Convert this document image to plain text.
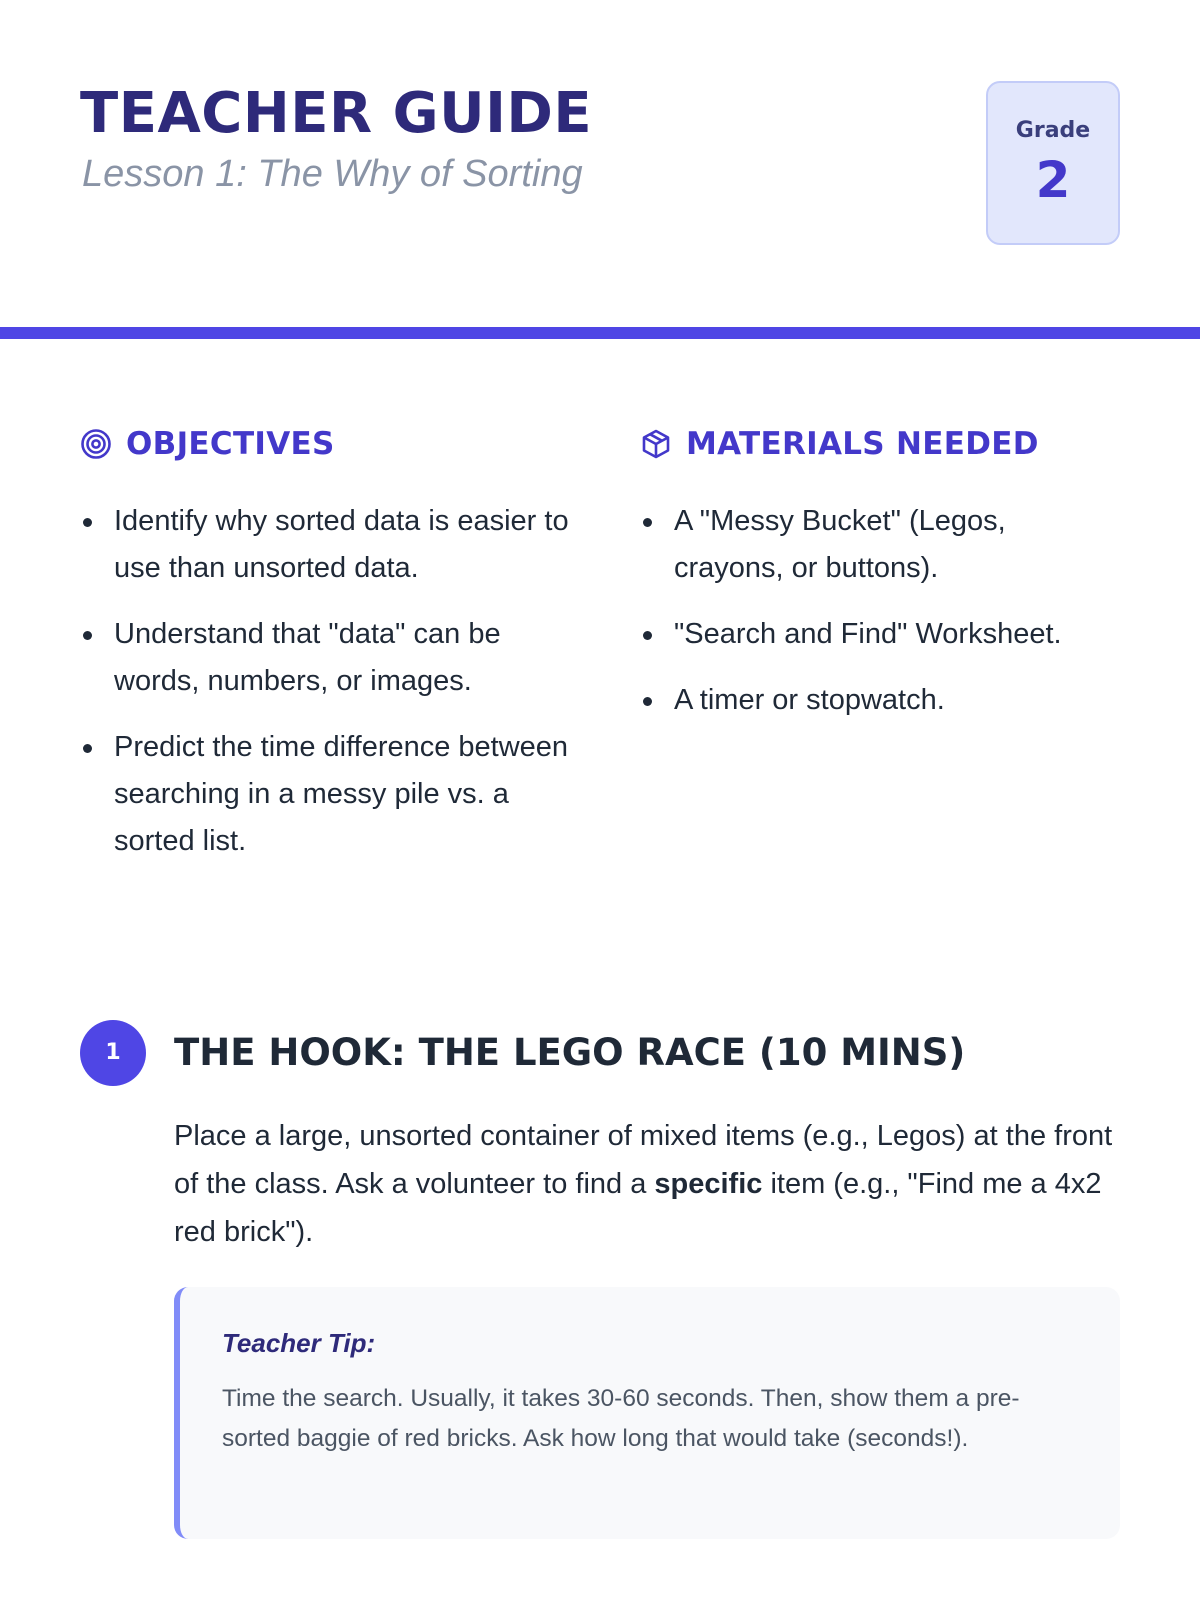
TEACHER GUIDE

Lesson 1: The Why of Sorting

Grade
2
OBJECTIVES
Identify why sorted data is easier to use than unsorted data.
Understand that "data" can be words, numbers, or images.
Predict the time difference between searching in a messy pile vs. a sorted list.
MATERIALS NEEDED
A "Messy Bucket" (Legos, crayons, or buttons).
"Search and Find" Worksheet.
A timer or stopwatch.
1	THE HOOK: THE LEGO RACE (10 MINS)

Place a large, unsorted container of mixed items (e.g., Legos) at the front of the class. Ask a volunteer to find a specific item (e.g., "Find me a 4x2 red brick").

Teacher Tip:

Time the search. Usually, it takes 30-60 seconds. Then, show them a pre-sorted baggie of red bricks. Ask how long that would take (seconds!).
